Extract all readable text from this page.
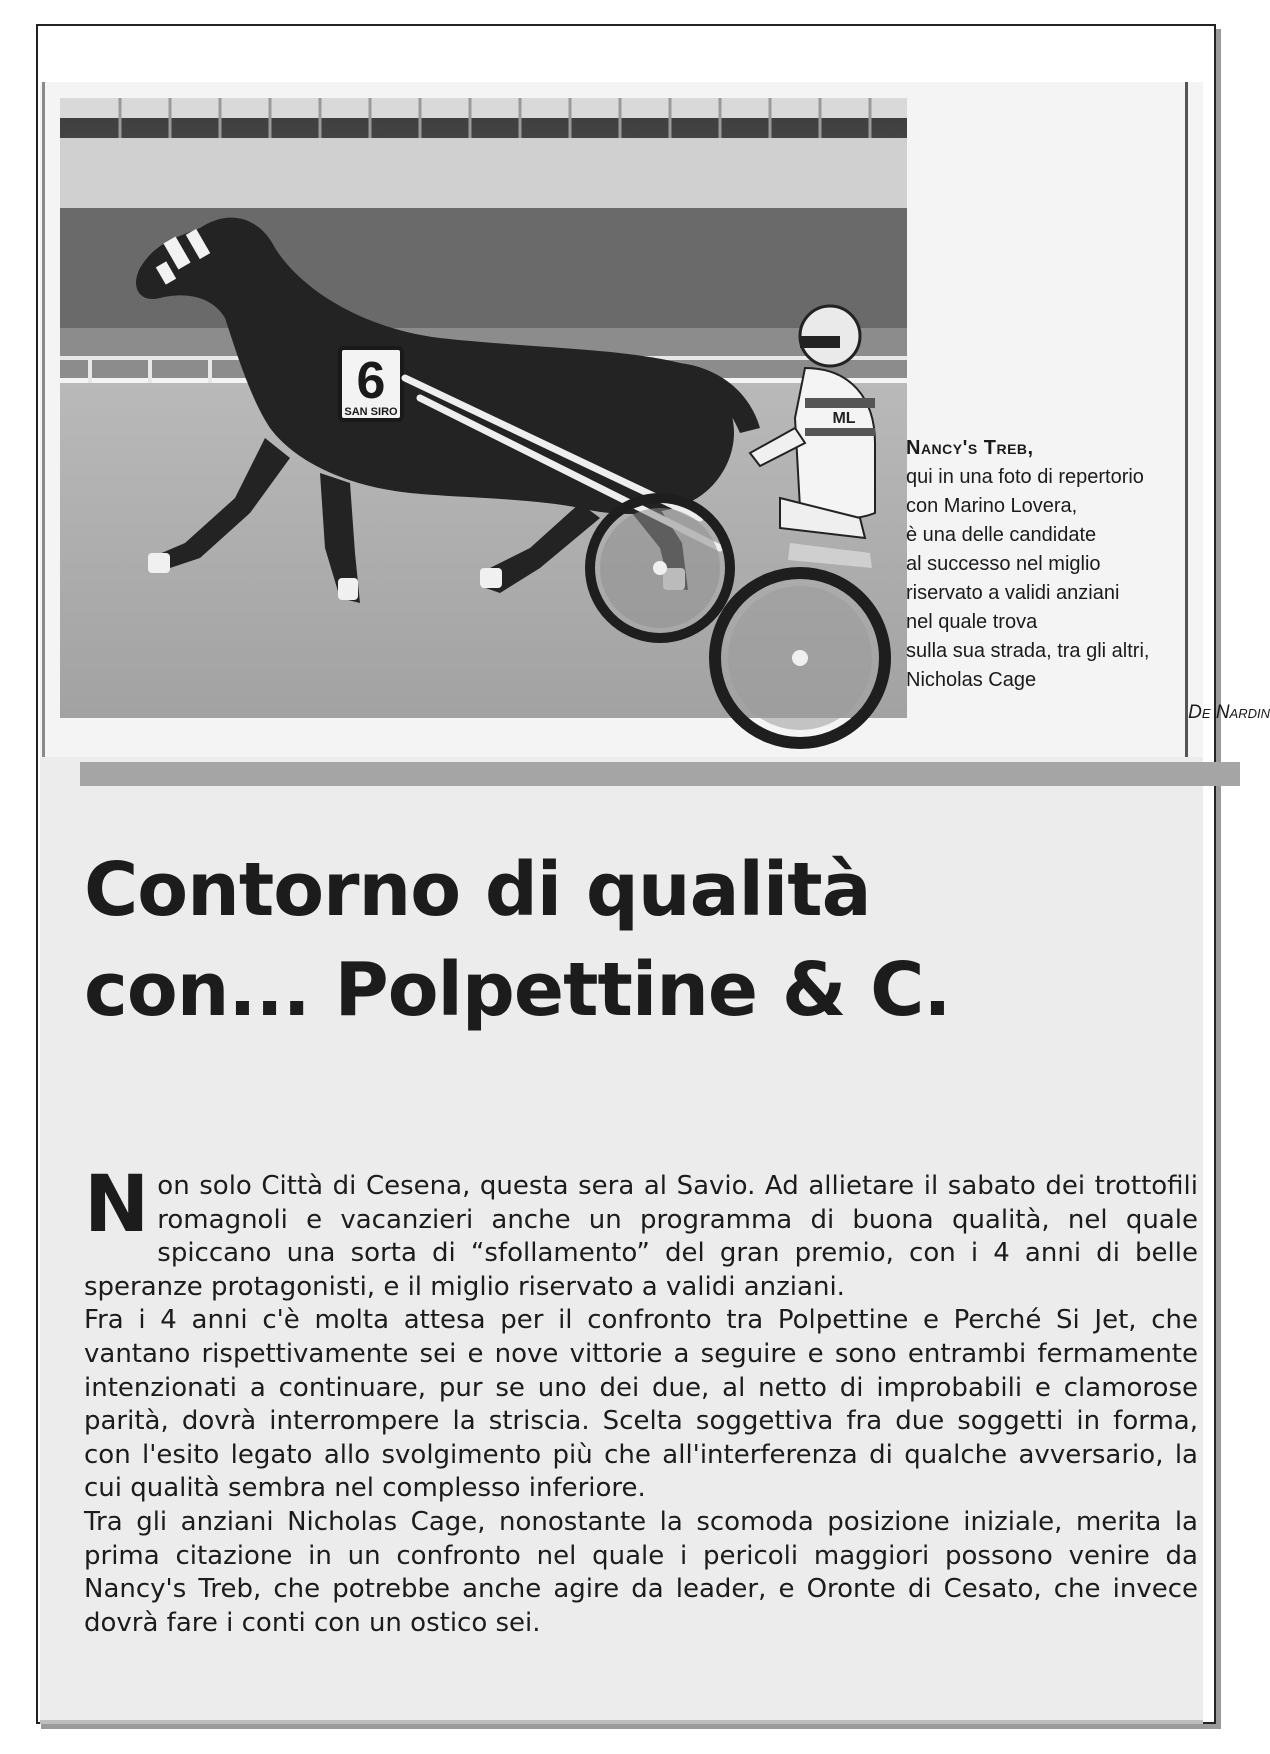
6
SAN SIRO	ML
Nancy's Treb,
qui in una foto di repertorio
con Marino Lovera,
è una delle candidate
al successo nel miglio
riservato a validi anziani
nel quale trova
sulla sua strada, tra gli altri,
Nicholas Cage
De Nardin
Contorno di qualità
con... Polpettine & C.

Non solo Città di Cesena, questa sera al Savio. Ad allietare il sabato dei trottofili romagnoli e vacanzieri anche un programma di buona qualità, nel quale spiccano una sorta di “sfollamento” del gran premio, con i 4 anni di belle speranze protagonisti, e il miglio riservato a validi anziani.

Fra i 4 anni c'è molta attesa per il confronto tra Polpettine e Perché Si Jet, che vantano rispettivamente sei e nove vittorie a seguire e sono entrambi fermamente intenzionati a continuare, pur se uno dei due, al netto di improbabili e clamorose parità, dovrà interrompere la striscia. Scelta soggettiva fra due soggetti in forma, con l'esito legato allo svolgimento più che all'interferenza di qualche avversario, la cui qualità sembra nel complesso inferiore.

Tra gli anziani Nicholas Cage, nonostante la scomoda posizione iniziale, merita la prima citazione in un confronto nel quale i pericoli maggiori possono venire da Nancy's Treb, che potrebbe anche agire da leader, e Oronte di Cesato, che invece dovrà fare i conti con un ostico sei.
